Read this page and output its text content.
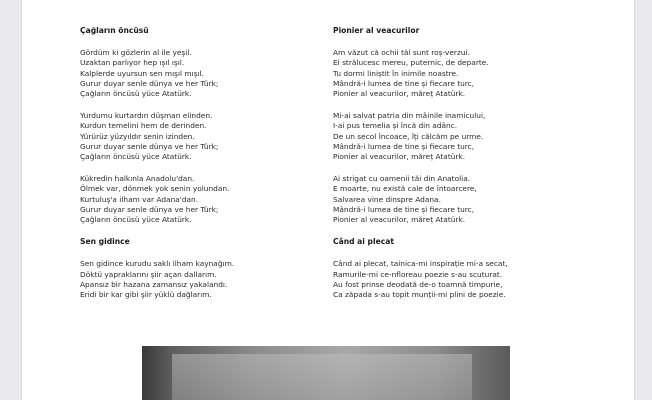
Çağların öncüsü
Gördüm ki gözlerin al ile yeşil.
Uzaktan parlıyor hep ışıl ışıl.
Kalplerde uyursun sen mışıl mışıl.
Gurur duyar senle dünya ve her Türk;
Çağların öncüsü yüce Atatürk.
Yurdumu kurtardın düşman elinden.
Kurdun temelini hem de derinden.
Yürürüz yüzyıldır senin izinden.
Gurur duyar senle dünya ve her Türk;
Çağların öncüsü yüce Atatürk.
Kükredin halkınla Anadolu'dan.
Ölmek var, dönmek yok senin yolundan.
Kurtuluş'a ilham var Adana'dan.
Gurur duyar senle dünya ve her Türk;
Çağların öncüsü yüce Atatürk.
Sen gidince
Sen gidince kurudu saklı ilham kaynağım.
Döktü yapraklarını şiir açan dallarım.
Apansız bir hazana zamansız yakalandı.
Eridi bir kar gibi şiir yüklü dağlarım.
Pionier al veacurilor
Am văzut că ochii tăi sunt roș-verzui.
Ei strălucesc mereu, puternic, de departe.
Tu dormi liniștit în inimile noastre.
Mândră-i lumea de tine și fiecare turc,
Pionier al veacurilor, măreț Atatürk.
Mi-ai salvat patria din mâinile inamicului,
I-ai pus temelia și încă din adânc.
De un secol încoace, îți călcăm pe urme.
Mândră-i lumea de tine și fiecare turc,
Pionier al veacurilor, măreț Atatürk.
Ai strigat cu oamenii tăi din Anatolia.
E moarte, nu există cale de întoarcere,
Salvarea vine dinspre Adana.
Mândră-i lumea de tine și fiecare turc,
Pionier al veacurilor, măreț Atatürk.
Când ai plecat
Când ai plecat, tainica-mi inspirație mi-a secat,
Ramurile-mi ce-nfloreau poezie s-au scuturat.
Au fost prinse deodată de-o toamnă timpurie,
Ca zăpada s-au topit munții-mi plini de poezie.
